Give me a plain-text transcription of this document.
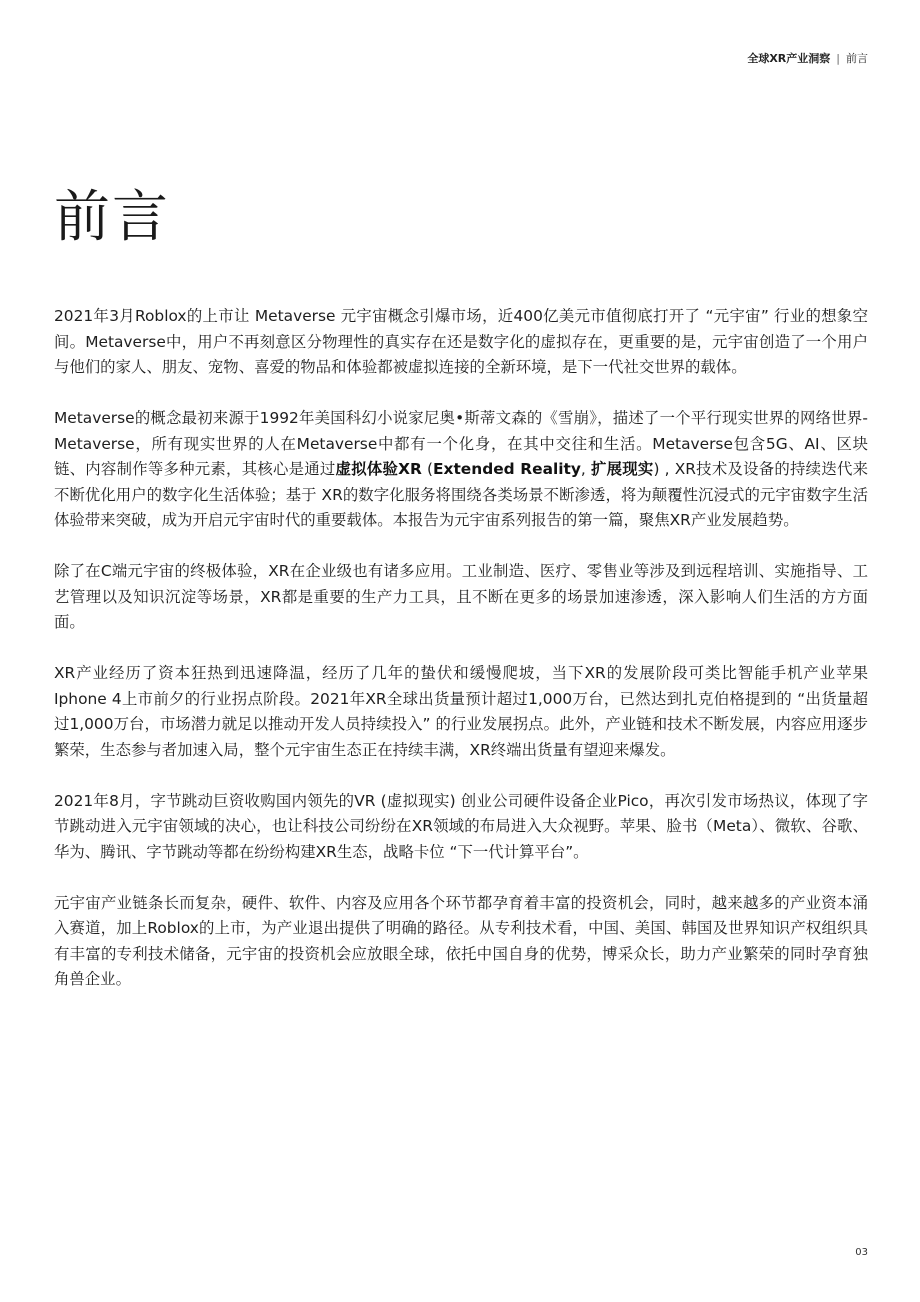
全球XR产业洞察 | 前言
前言

2021年3月Roblox的上市让 Metaverse 元宇宙概念引爆市场，近400亿美元市值彻底打开了 “元宇宙” 行业的想象空间。Metaverse中，用户不再刻意区分物理性的真实存在还是数字化的虚拟存在，更重要的是，元宇宙创造了一个用户与他们的家人、朋友、宠物、喜爱的物品和体验都被虚拟连接的全新环境，是下一代社交世界的载体。

Metaverse的概念最初来源于1992年美国科幻小说家尼奥•斯蒂文森的《雪崩》，描述了一个平行现实世界的网络世界-Metaverse，所有现实世界的人在Metaverse中都有一个化身，在其中交往和生活。Metaverse包含5G、AI、区块链、内容制作等多种元素，其核心是通过虚拟体验XR (Extended Reality, 扩展现实) , XR技术及设备的持续迭代来不断优化用户的数字化生活体验；基于 XR的数字化服务将围绕各类场景不断渗透，将为颠覆性沉浸式的元宇宙数字生活体验带来突破，成为开启元宇宙时代的重要载体。本报告为元宇宙系列报告的第一篇，聚焦XR产业发展趋势。

除了在C端元宇宙的终极体验，XR在企业级也有诸多应用。工业制造、医疗、零售业等涉及到远程培训、实施指导、工艺管理以及知识沉淀等场景，XR都是重要的生产力工具，且不断在更多的场景加速渗透，深入影响人们生活的方方面面。

XR产业经历了资本狂热到迅速降温，经历了几年的蛰伏和缓慢爬坡，当下XR的发展阶段可类比智能手机产业苹果Iphone 4上市前夕的行业拐点阶段。2021年XR全球出货量预计超过1,000万台，已然达到扎克伯格提到的 “出货量超过1,000万台，市场潜力就足以推动开发人员持续投入” 的行业发展拐点。此外，产业链和技术不断发展，内容应用逐步繁荣，生态参与者加速入局，整个元宇宙生态正在持续丰满，XR终端出货量有望迎来爆发。

2021年8月，字节跳动巨资收购国内领先的VR (虚拟现实) 创业公司硬件设备企业Pico，再次引发市场热议，体现了字节跳动进入元宇宙领域的决心，也让科技公司纷纷在XR领域的布局进入大众视野。苹果、脸书（Meta）、微软、谷歌、华为、腾讯、字节跳动等都在纷纷构建XR生态，战略卡位 “下一代计算平台”。

元宇宙产业链条长而复杂，硬件、软件、内容及应用各个环节都孕育着丰富的投资机会，同时，越来越多的产业资本涌入赛道，加上Roblox的上市，为产业退出提供了明确的路径。从专利技术看，中国、美国、韩国及世界知识产权组织具有丰富的专利技术储备，元宇宙的投资机会应放眼全球，依托中国自身的优势，博采众长，助力产业繁荣的同时孕育独角兽企业。

03
